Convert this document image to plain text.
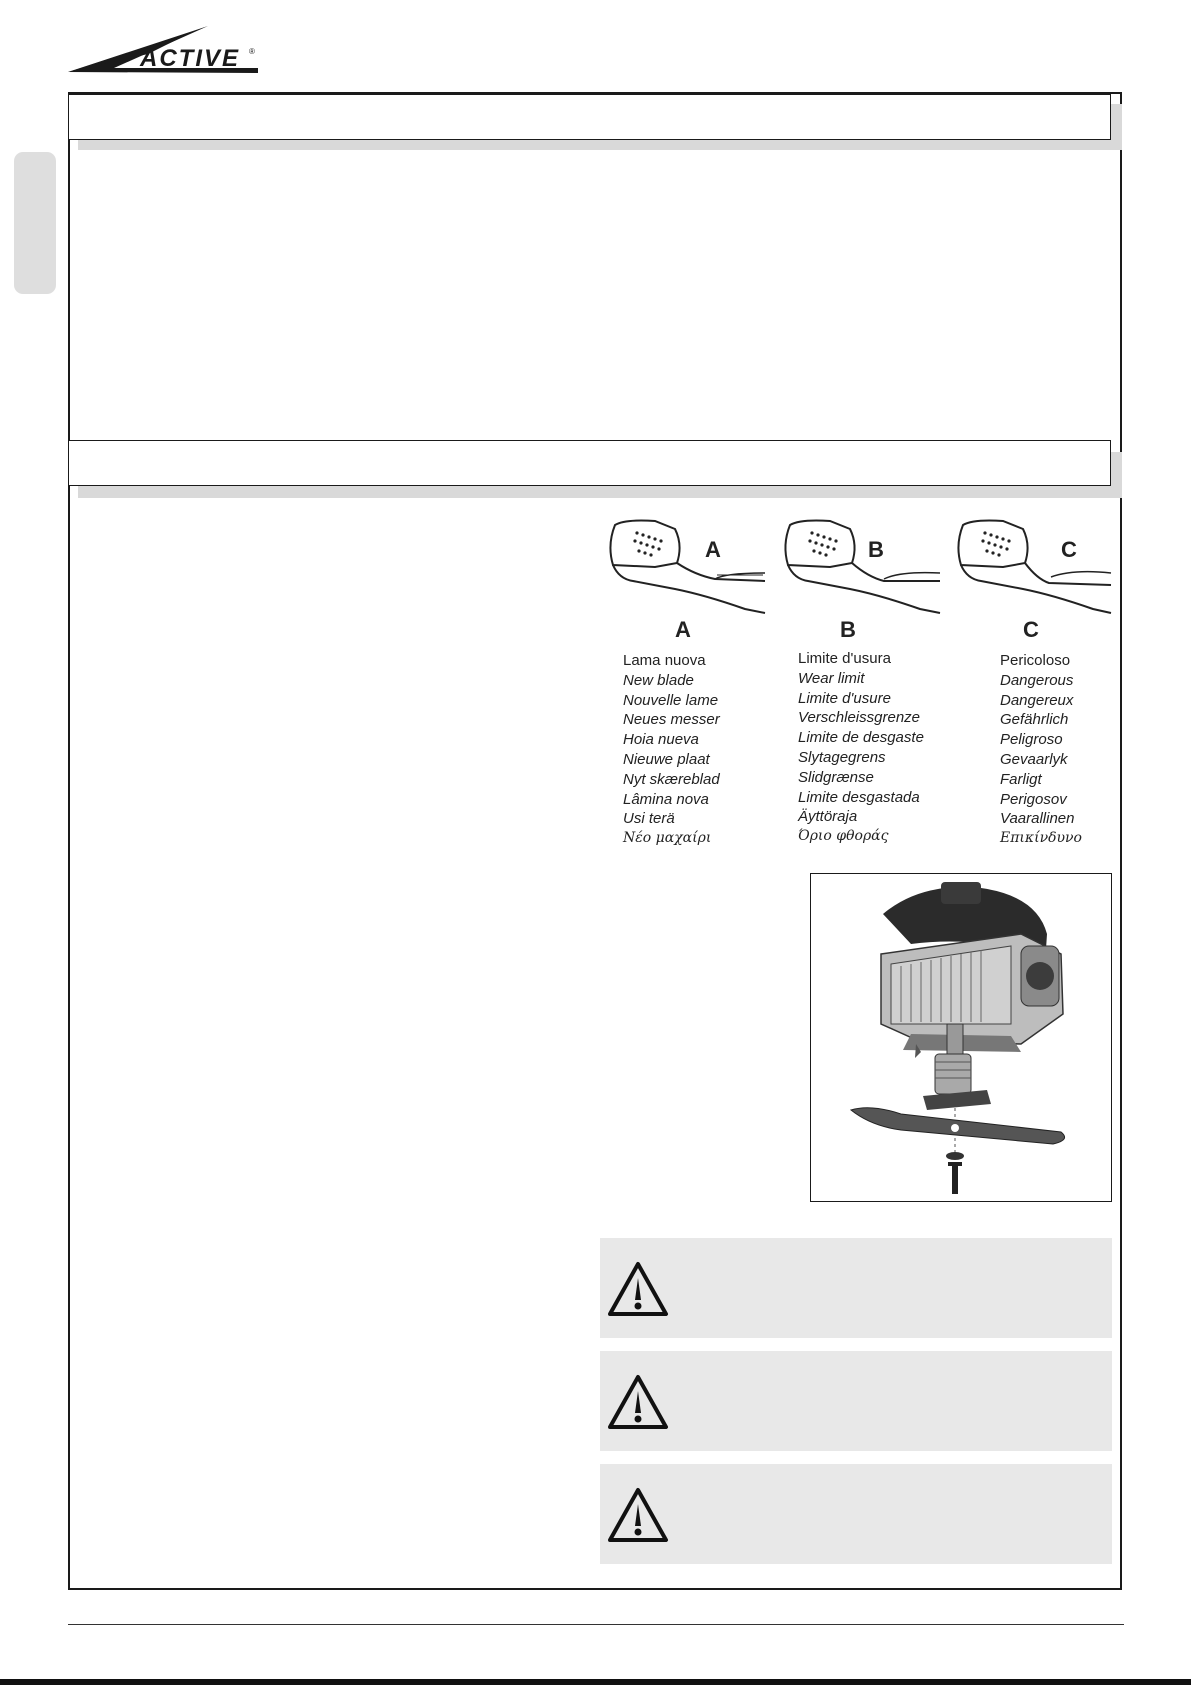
ACTIVE ®
A
A
B
B
C
C
Lama nuova
New blade
Nouvelle lame
Neues messer
Hoia nueva
Nieuwe plaat
Nyt skæreblad
Lâmina nova
Usi terä
Νέο μαχαίρι
Limite d'usura
Wear limit
Limite d'usure
Verschleissgrenze
Limite de desgaste
Slytagegrens
Slidgrænse
Limite desgastada
Äyttöraja
Όριο φθοράς
Pericoloso
Dangerous
Dangereux
Gefährlich
Peligroso
Gevaarlyk
Farligt
Perigosov
Vaarallinen
Επικίνδυνο
